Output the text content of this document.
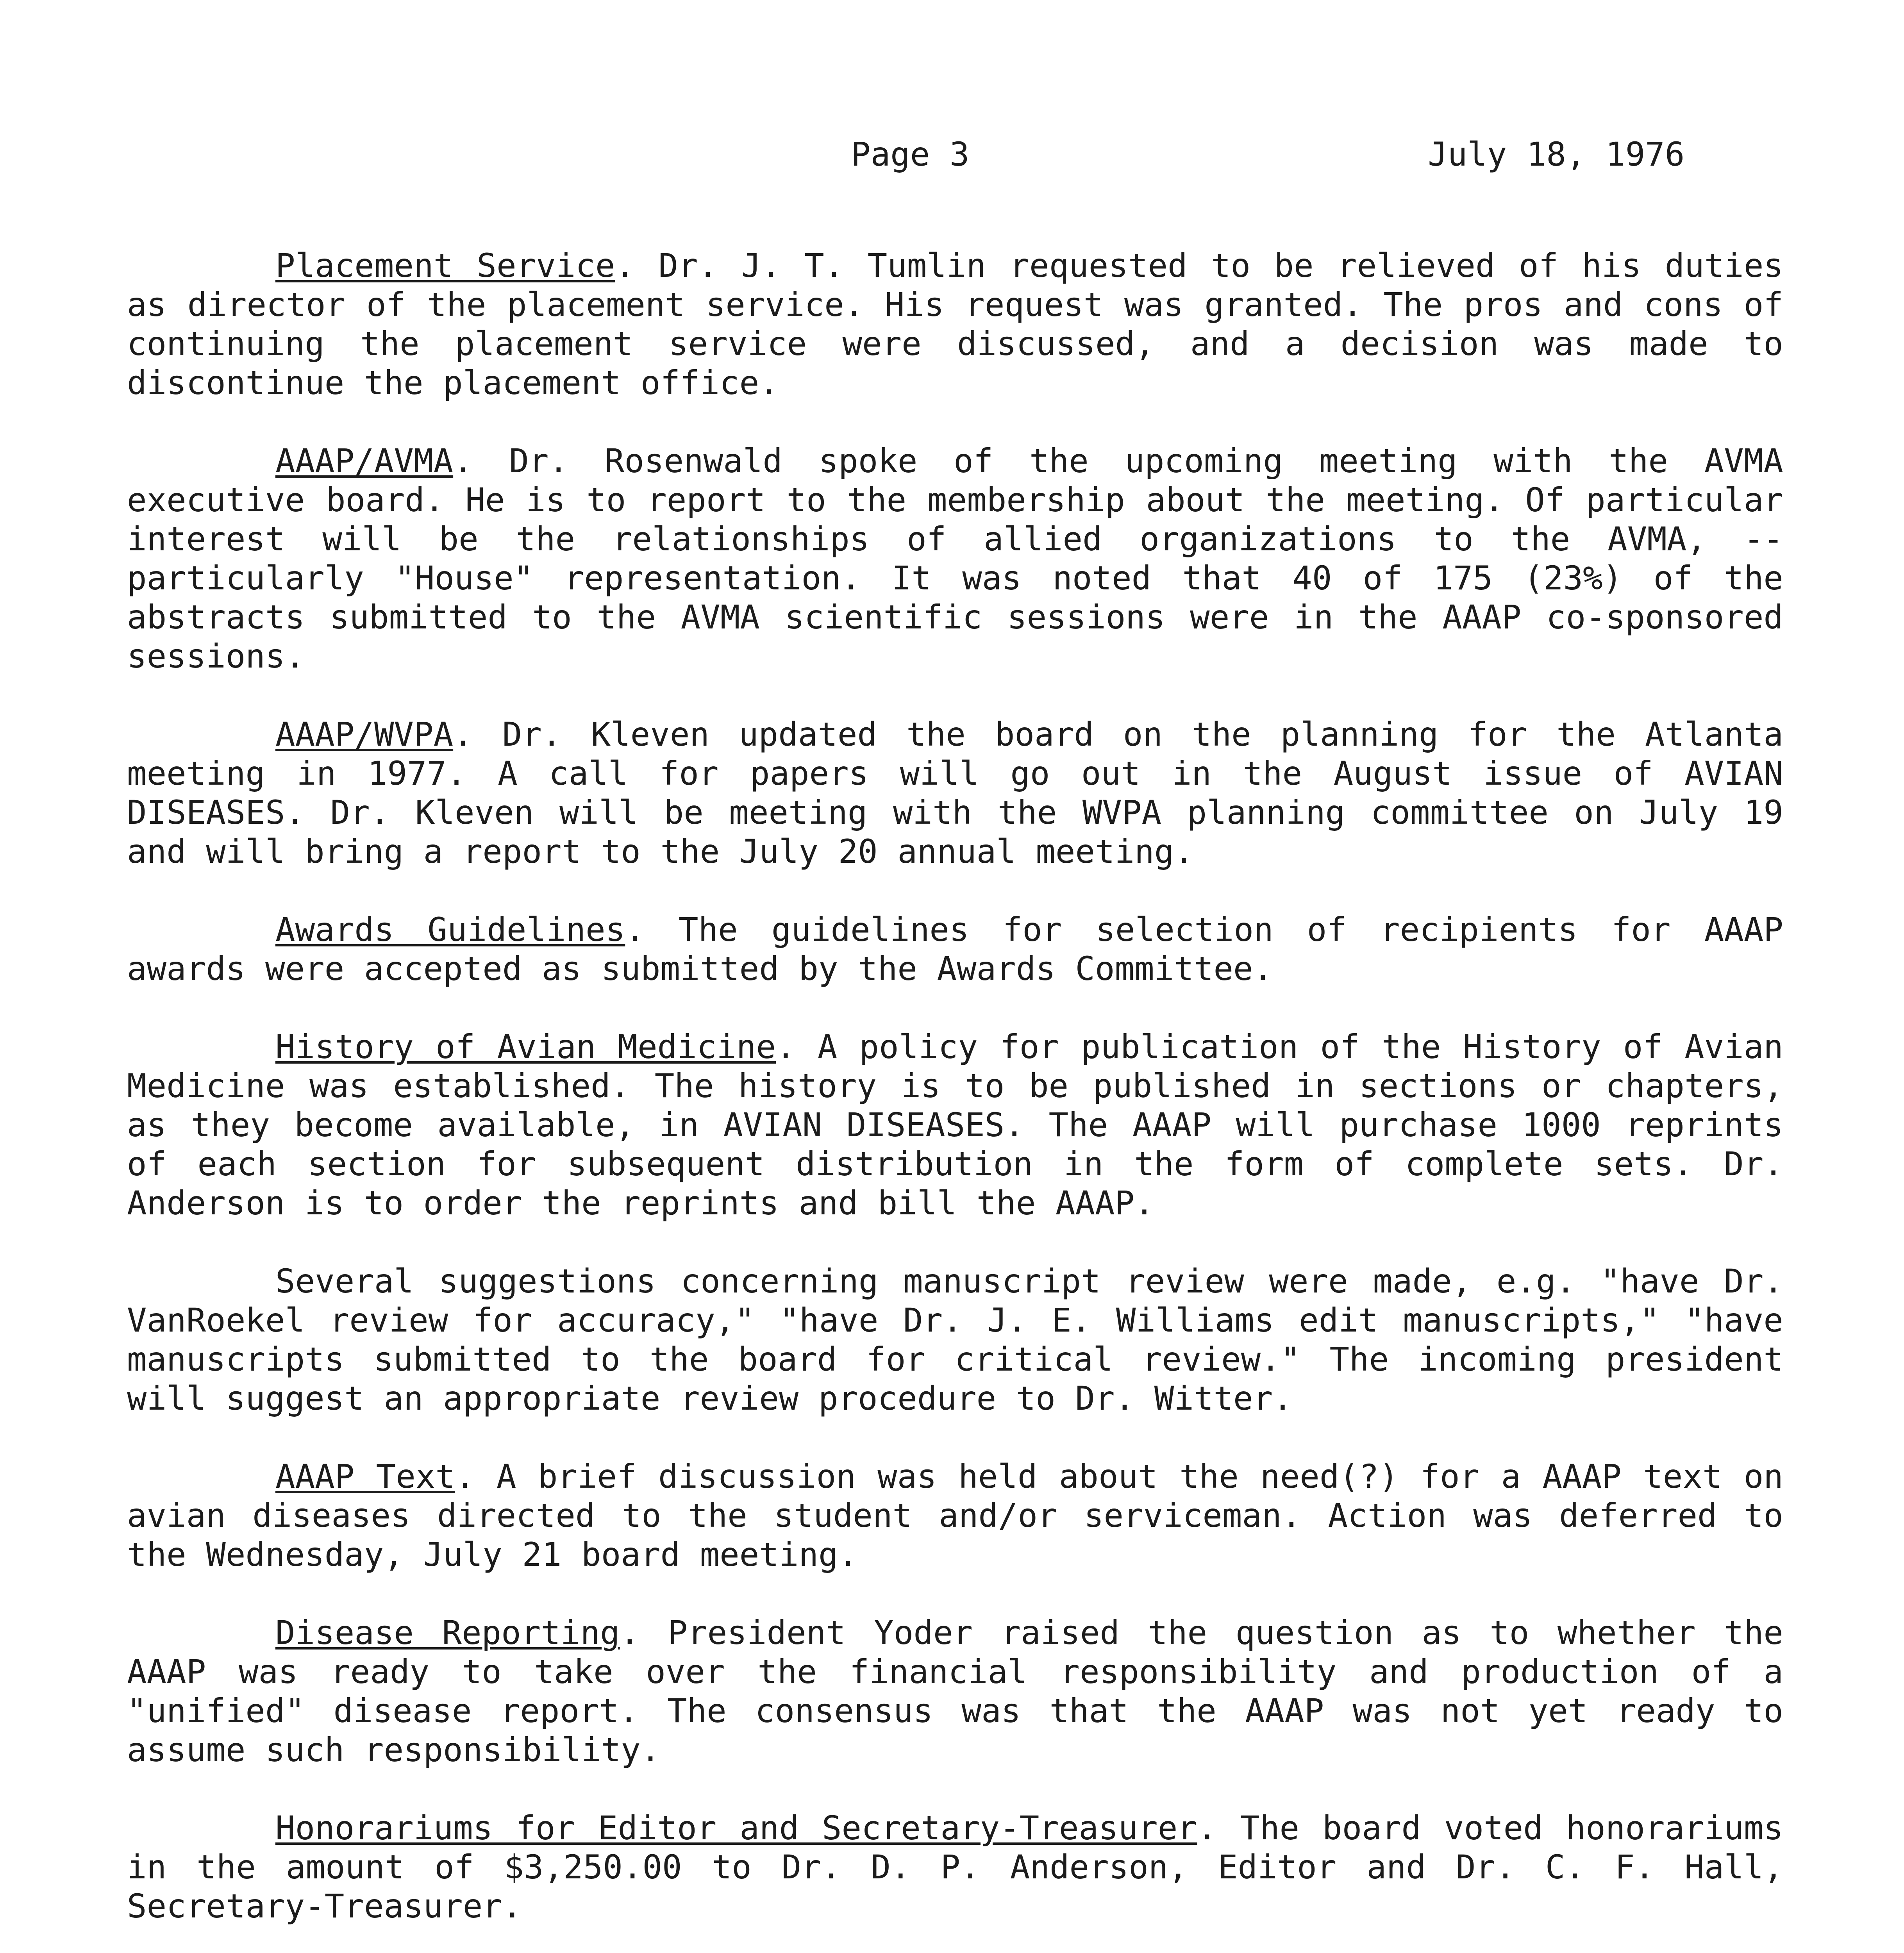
Page 3	July 18, 1976

Placement Service. Dr. J. T. Tumlin requested to be relieved of his duties as director of the placement service. His request was granted. The pros and cons of continuing the placement service were discussed, and a decision was made to discontinue the placement office.

AAAP/AVMA. Dr. Rosenwald spoke of the upcoming meeting with the AVMA executive board. He is to report to the membership about the meeting. Of particular interest will be the relationships of allied organizations to the AVMA, --particularly "House" representation. It was noted that 40 of 175 (23%) of the abstracts submitted to the AVMA scientific sessions were in the AAAP co-sponsored sessions.

AAAP/WVPA. Dr. Kleven updated the board on the planning for the Atlanta meeting in 1977. A call for papers will go out in the August issue of AVIAN DISEASES. Dr. Kleven will be meeting with the WVPA planning committee on July 19 and will bring a report to the July 20 annual meeting.

Awards Guidelines. The guidelines for selection of recipients for AAAP awards were accepted as submitted by the Awards Committee.

History of Avian Medicine. A policy for publication of the History of Avian Medicine was established. The history is to be published in sections or chapters, as they become available, in AVIAN DISEASES. The AAAP will purchase 1000 reprints of each section for subsequent distribution in the form of complete sets. Dr. Anderson is to order the reprints and bill the AAAP.

Several suggestions concerning manuscript review were made, e.g. "have Dr. VanRoekel review for accuracy," "have Dr. J. E. Williams edit manuscripts," "have manuscripts submitted to the board for critical review." The incoming president will suggest an appropriate review procedure to Dr. Witter.

AAAP Text. A brief discussion was held about the need(?) for a AAAP text on avian diseases directed to the student and/or serviceman. Action was deferred to the Wednesday, July 21 board meeting.

Disease Reporting. President Yoder raised the question as to whether the AAAP was ready to take over the financial responsibility and production of a "unified" disease report. The consensus was that the AAAP was not yet ready to assume such responsibility.

Honorariums for Editor and Secretary-Treasurer. The board voted honorariums in the amount of $3,250.00 to Dr. D. P. Anderson, Editor and Dr. C. F. Hall, Secretary-Treasurer.
